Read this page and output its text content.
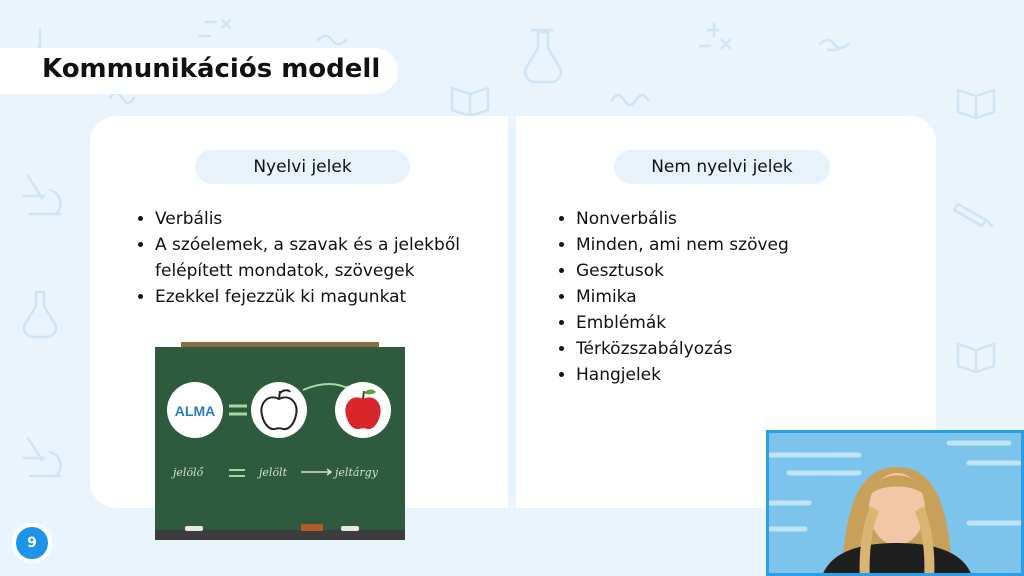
Kommunikációs modell
Nyelvi jelek
• Verbális
• A szóelemek, a szavak és a jelekből felépített mondatok, szövegek
• Ezekkel fejezzük ki magunkat
Nem nyelvi jelek
• Nonverbális
• Minden, ami nem szöveg
• Gesztusok
• Mimika
• Emblémák
• Térközszabályozás
• Hangjelek
ALMA
jelölő	jelölt	jeltárgy
9
